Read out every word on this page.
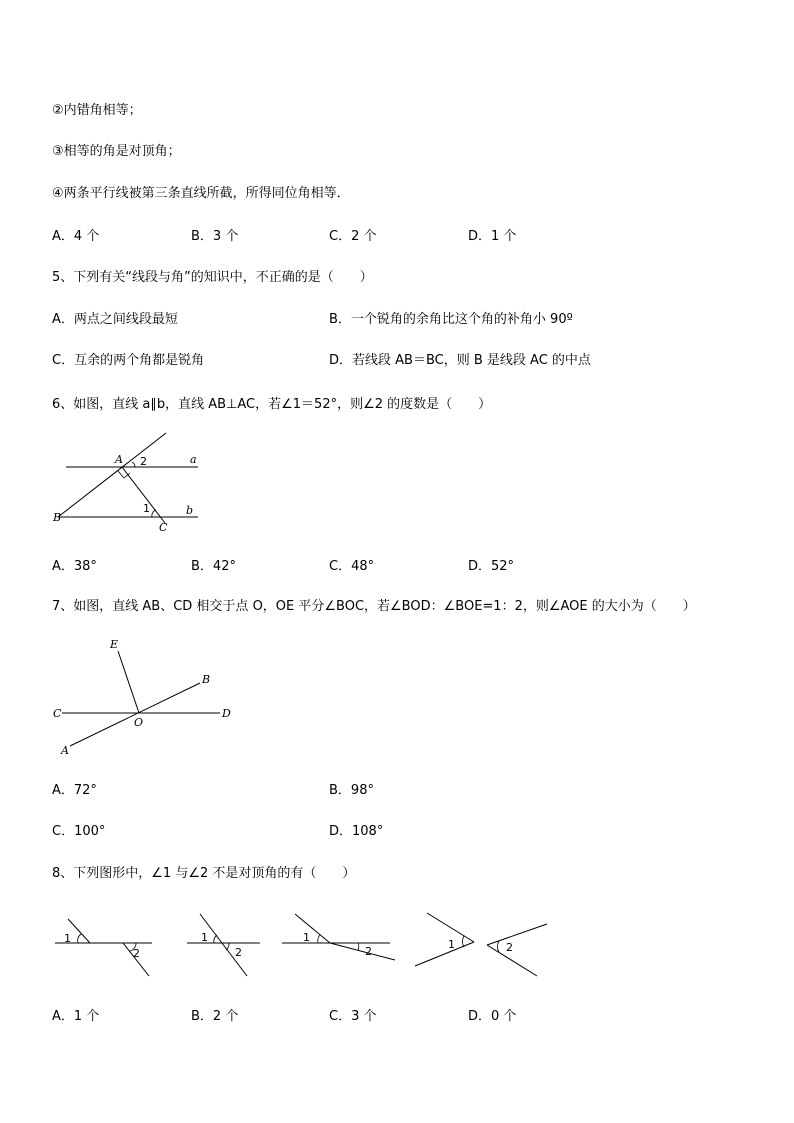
②内错角相等；
③相等的角是对顶角；
④两条平行线被第三条直线所截，所得同位角相等．
A．4 个	B．3 个	C．2 个	D．1 个
5、下列有关“线段与角”的知识中，不正确的是（　　）
A．两点之间线段最短	B．一个锐角的余角比这个角的补角小 90º
C．互余的两个角都是锐角	D．若线段 AB＝BC，则 B 是线段 AC 的中点
6、如图，直线 a∥b，直线 AB⊥AC，若∠1＝52°，则∠2 的度数是（　　）
A
B
C
a
b
1
2
A．38°	B．42°	C．48°	D．52°
7、如图，直线 AB、CD 相交于点 O，OE 平分∠BOC，若∠BOD：∠BOE=1：2，则∠AOE 的大小为（　　）
E
B
C	D
O
A
A．72°	B．98°
C．100°	D．108°
8、下列图形中，∠1 与∠2 不是对顶角的有（　　）
1
2
1
2
1
2
1	2
A．1 个	B．2 个	C．3 个	D．0 个
